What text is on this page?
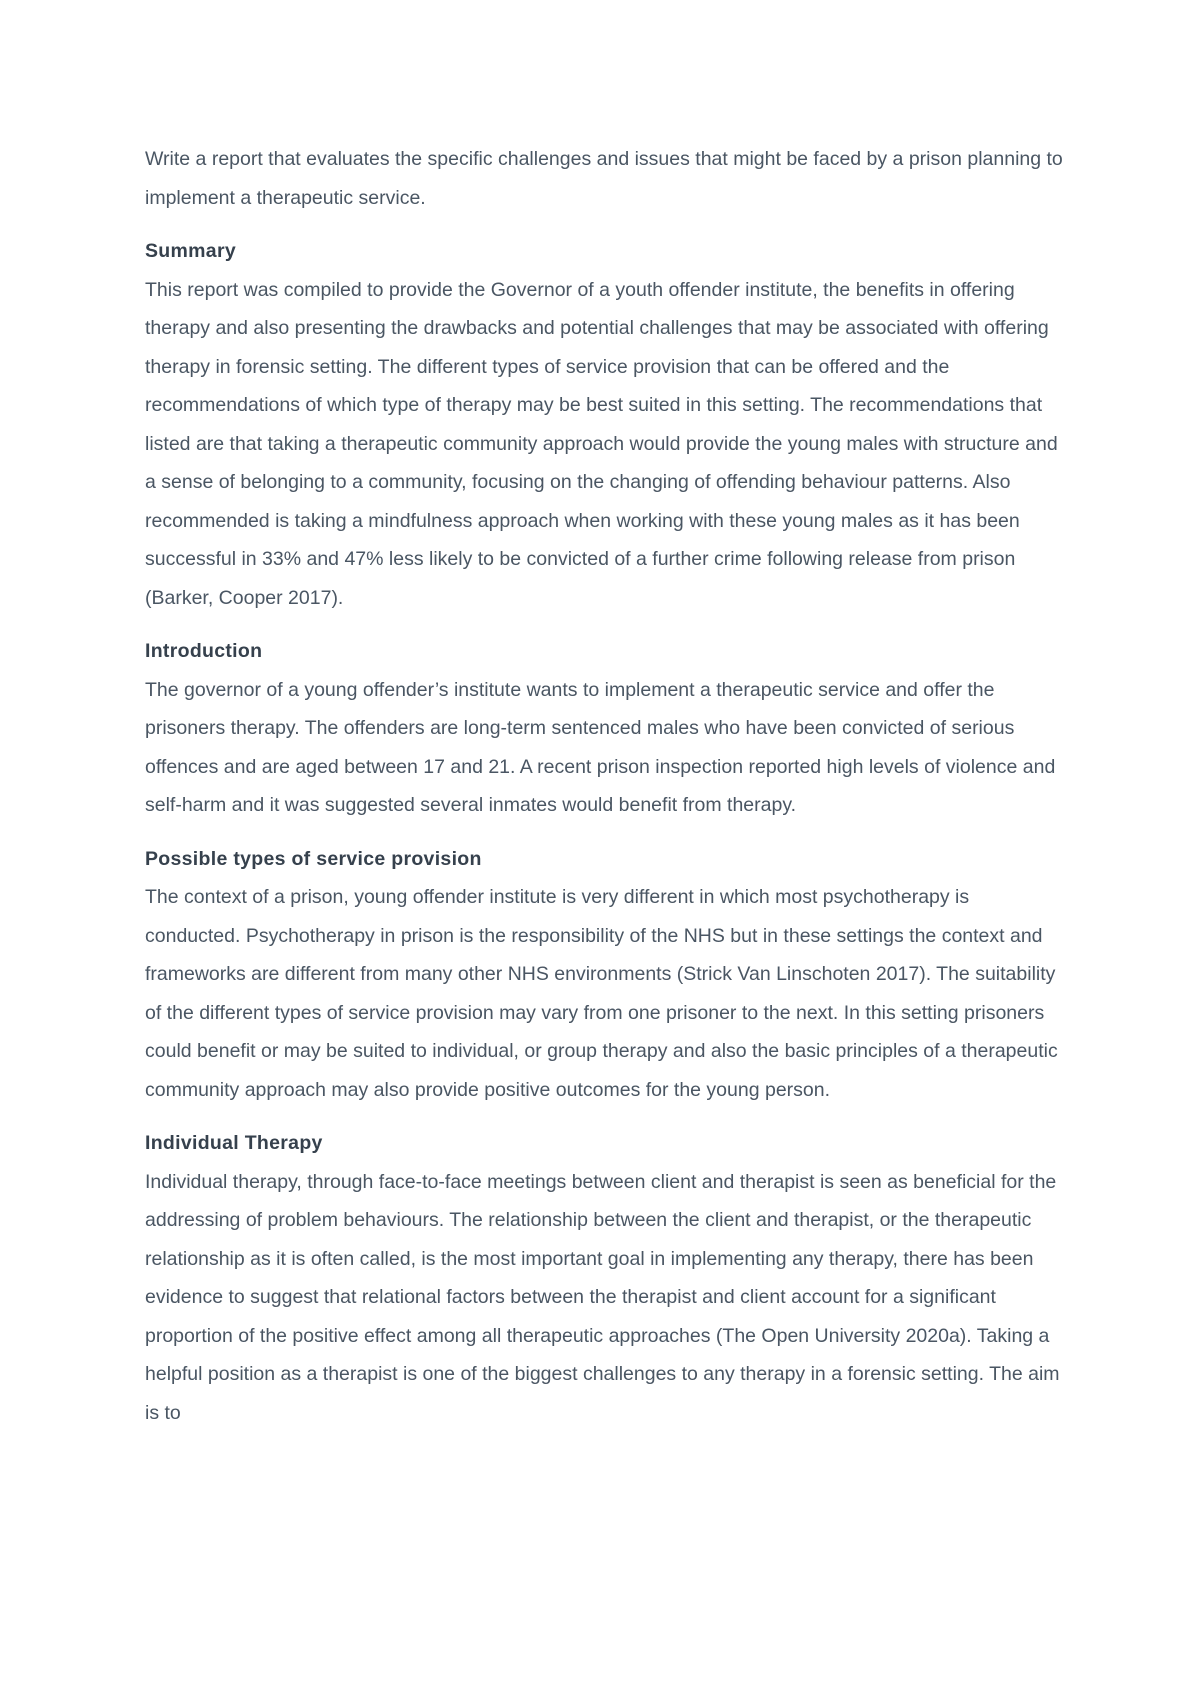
Write a report that evaluates the specific challenges and issues that might be faced by a prison planning to implement a therapeutic service.

Summary

This report was compiled to provide the Governor of a youth offender institute, the benefits in offering therapy and also presenting the drawbacks and potential challenges that may be associated with offering therapy in forensic setting. The different types of service provision that can be offered and the recommendations of which type of therapy may be best suited in this setting. The recommendations that listed are that taking a therapeutic community approach would provide the young males with structure and a sense of belonging to a community, focusing on the changing of offending behaviour patterns. Also recommended is taking a mindfulness approach when working with these young males as it has been successful in 33% and 47% less likely to be convicted of a further crime following release from prison (Barker, Cooper 2017).

Introduction

The governor of a young offender’s institute wants to implement a therapeutic service and offer the prisoners therapy. The offenders are long-term sentenced males who have been convicted of serious offences and are aged between 17 and 21. A recent prison inspection reported high levels of violence and self-harm and it was suggested several inmates would benefit from therapy.

Possible types of service provision

The context of a prison, young offender institute is very different in which most psychotherapy is conducted. Psychotherapy in prison is the responsibility of the NHS but in these settings the context and frameworks are different from many other NHS environments (Strick Van Linschoten 2017). The suitability of the different types of service provision may vary from one prisoner to the next. In this setting prisoners could benefit or may be suited to individual, or group therapy and also the basic principles of a therapeutic community approach may also provide positive outcomes for the young person.

Individual Therapy

Individual therapy, through face-to-face meetings between client and therapist is seen as beneficial for the addressing of problem behaviours. The relationship between the client and therapist, or the therapeutic relationship as it is often called, is the most important goal in implementing any therapy, there has been evidence to suggest that relational factors between the therapist and client account for a significant proportion of the positive effect among all therapeutic approaches (The Open University 2020a). Taking a helpful position as a therapist is one of the biggest challenges to any therapy in a forensic setting. The aim is to
